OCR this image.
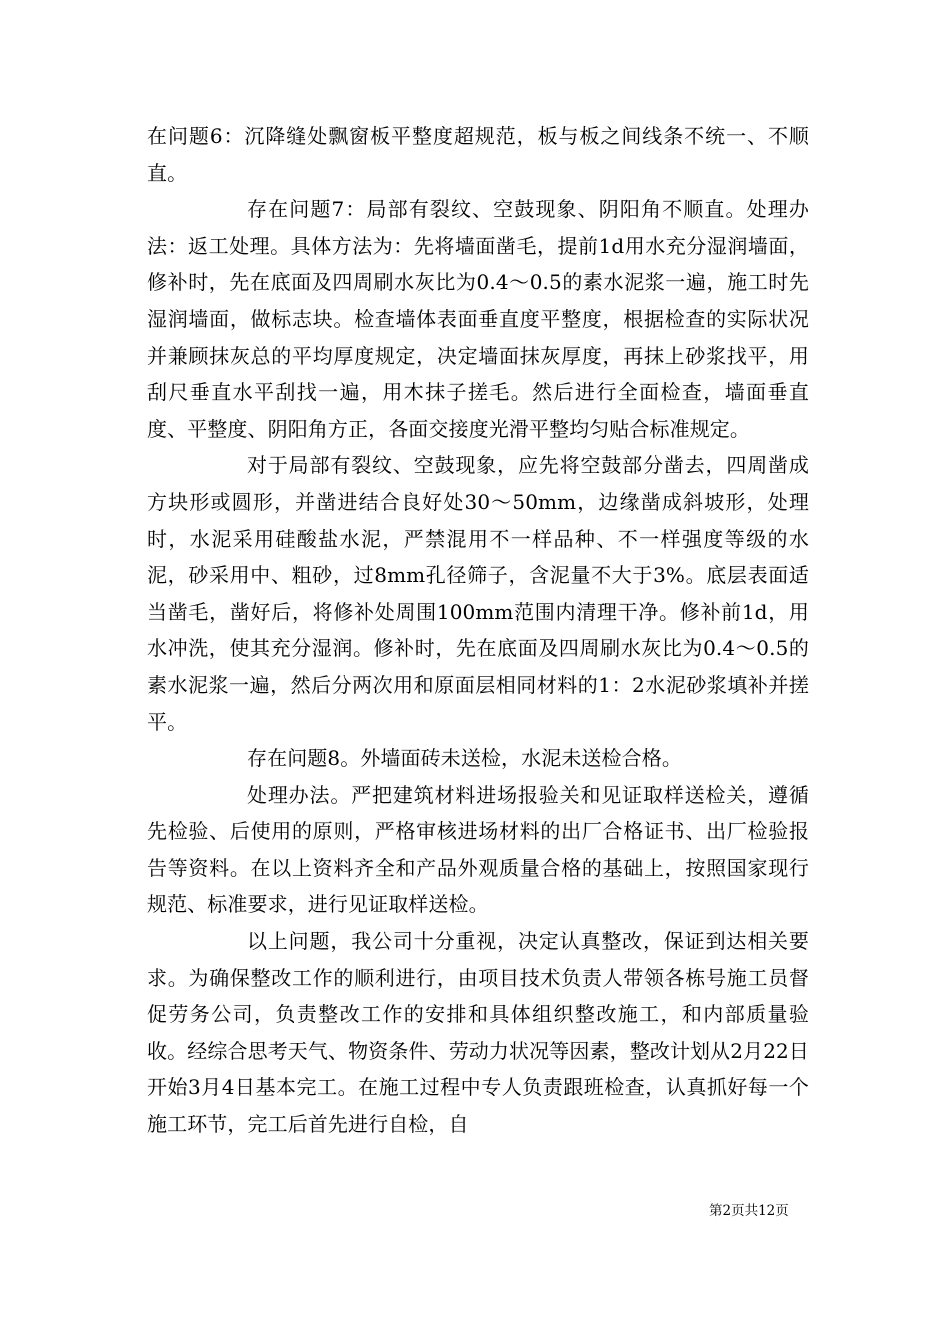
在问题6：沉降缝处飘窗板平整度超规范，板与板之间线条不统一、不顺直。

存在问题7：局部有裂纹、空鼓现象、阴阳角不顺直。处理办法：返工处理。具体方法为：先将墙面凿毛，提前1d用水充分湿润墙面，修补时，先在底面及四周刷水灰比为0.4～0.5的素水泥浆一遍，施工时先湿润墙面，做标志块。检查墙体表面垂直度平整度，根据检查的实际状况并兼顾抹灰总的平均厚度规定，决定墙面抹灰厚度，再抹上砂浆找平，用刮尺垂直水平刮找一遍，用木抹子搓毛。然后进行全面检查，墙面垂直度、平整度、阴阳角方正，各面交接度光滑平整均匀贴合标准规定。

对于局部有裂纹、空鼓现象，应先将空鼓部分凿去，四周凿成方块形或圆形，并凿进结合良好处30～50mm，边缘凿成斜坡形，处理时，水泥采用硅酸盐水泥，严禁混用不一样品种、不一样强度等级的水泥，砂采用中、粗砂，过8mm孔径筛子，含泥量不大于3%。底层表面适当凿毛，凿好后，将修补处周围100mm范围内清理干净。修补前1d，用水冲洗，使其充分湿润。修补时，先在底面及四周刷水灰比为0.4～0.5的素水泥浆一遍，然后分两次用和原面层相同材料的1：2水泥砂浆填补并搓平。

存在问题8。外墙面砖未送检，水泥未送检合格。

处理办法。严把建筑材料进场报验关和见证取样送检关，遵循先检验、后使用的原则，严格审核进场材料的出厂合格证书、出厂检验报告等资料。在以上资料齐全和产品外观质量合格的基础上，按照国家现行规范、标准要求，进行见证取样送检。

以上问题，我公司十分重视，决定认真整改，保证到达相关要求。为确保整改工作的顺利进行，由项目技术负责人带领各栋号施工员督促劳务公司，负责整改工作的安排和具体组织整改施工，和内部质量验收。经综合思考天气、物资条件、劳动力状况等因素，整改计划从2月22日开始3月4日基本完工。在施工过程中专人负责跟班检查，认真抓好每一个施工环节，完工后首先进行自检，自

第2页共12页
